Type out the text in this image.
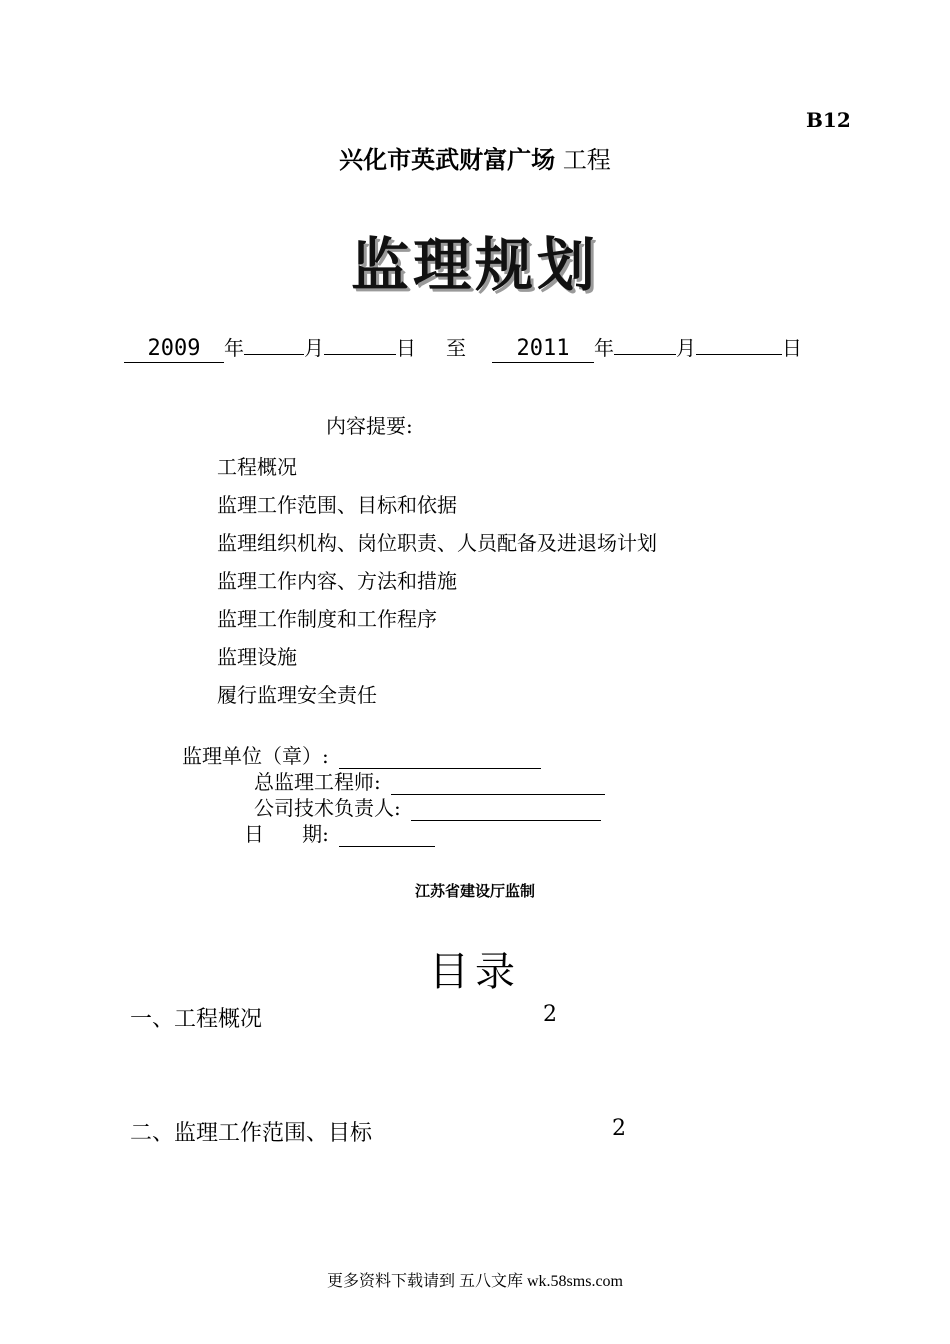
B12
兴化市英武财富广场 工程
监理规划
2009 年	月	日 至 2011 年	月	日
内容提要:
工程概况
监理工作范围、目标和依据
监理组织机构、岗位职责、人员配备及进退场计划
监理工作内容、方法和措施
监理工作制度和工作程序
监理设施
履行监理安全责任
监理单位（章）:
总监理工程师:
公司技术负责人:
日      期:
江苏省建设厅监制
目录
一、工程概况	2
二、监理工作范围、目标	2
更多资料下载请到 五八文库 wk.58sms.com
